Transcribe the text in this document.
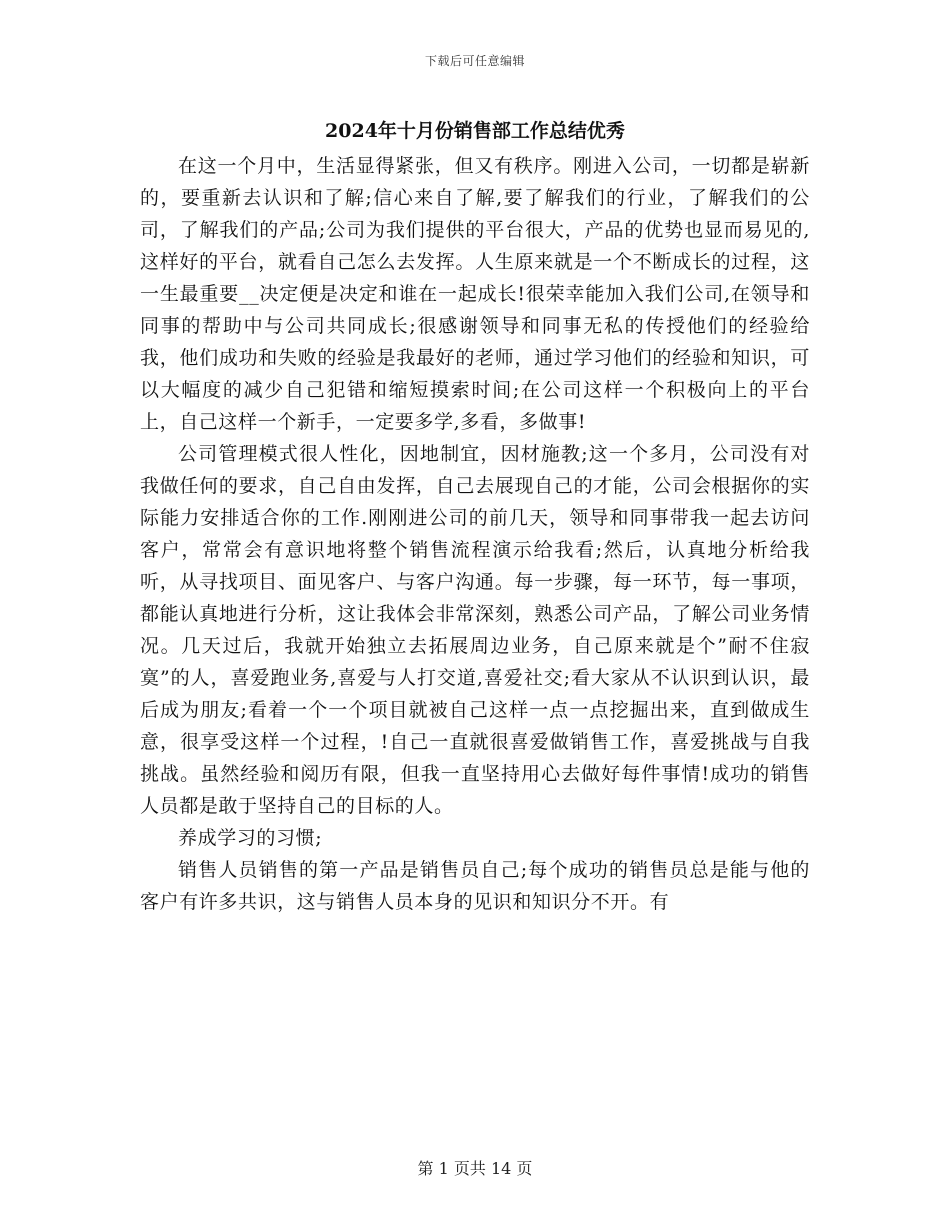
下载后可任意编辑
2024年十月份销售部工作总结优秀

在这一个月中，生活显得紧张，但又有秩序。刚进入公司，一切都是崭新的，要重新去认识和了解;信心来自了解,要了解我们的行业，了解我们的公司，了解我们的产品;公司为我们提供的平台很大，产品的优势也显而易见的,这样好的平台，就看自己怎么去发挥。人生原来就是一个不断成长的过程，这一生最重要__决定便是决定和谁在一起成长!很荣幸能加入我们公司,在领导和同事的帮助中与公司共同成长;很感谢领导和同事无私的传授他们的经验给我，他们成功和失败的经验是我最好的老师，通过学习他们的经验和知识，可以大幅度的减少自己犯错和缩短摸索时间;在公司这样一个积极向上的平台上，自己这样一个新手，一定要多学,多看，多做事!

公司管理模式很人性化，因地制宜，因材施教;这一个多月，公司没有对我做任何的要求，自己自由发挥，自己去展现自己的才能，公司会根据你的实际能力安排适合你的工作.刚刚进公司的前几天，领导和同事带我一起去访问客户，常常会有意识地将整个销售流程演示给我看;然后，认真地分析给我听，从寻找项目、面见客户、与客户沟通。每一步骤，每一环节，每一事项，都能认真地进行分析，这让我体会非常深刻，熟悉公司产品，了解公司业务情况。几天过后，我就开始独立去拓展周边业务，自己原来就是个”耐不住寂寞”的人，喜爱跑业务,喜爱与人打交道,喜爱社交;看大家从不认识到认识，最后成为朋友;看着一个一个项目就被自己这样一点一点挖掘出来，直到做成生意，很享受这样一个过程，!自己一直就很喜爱做销售工作，喜爱挑战与自我挑战。虽然经验和阅历有限，但我一直坚持用心去做好每件事情!成功的销售人员都是敢于坚持自己的目标的人。

养成学习的习惯;

销售人员销售的第一产品是销售员自己;每个成功的销售员总是能与他的客户有许多共识，这与销售人员本身的见识和知识分不开。有

第 1 页共 14 页
